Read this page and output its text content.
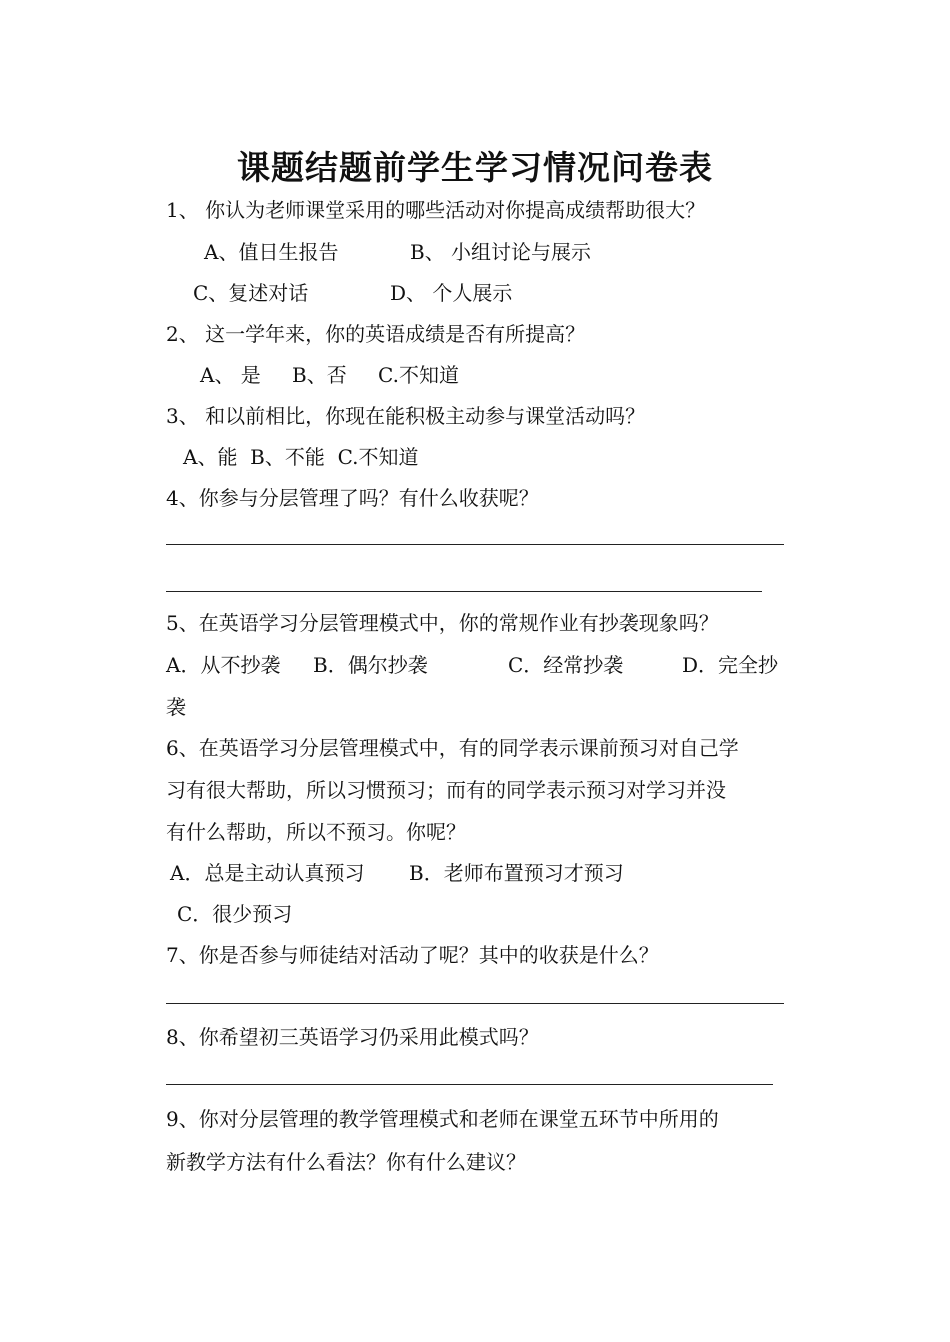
课题结题前学生学习情况问卷表
1、 你认为老师课堂采用的哪些活动对你提高成绩帮助很大？
A、值日生报告	B、 小组讨论与展示
C、复述对话	D、 个人展示
2、 这一学年来，你的英语成绩是否有所提高？
A、 是 B、否 C.不知道
3、 和以前相比，你现在能积极主动参与课堂活动吗？
A、能  B、不能  C.不知道
4、你参与分层管理了吗？有什么收获呢？
5、在英语学习分层管理模式中，你的常规作业有抄袭现象吗？
A．从不抄袭 B．偶尔抄袭	C．经常抄袭	D．完全抄
袭
6、在英语学习分层管理模式中，有的同学表示课前预习对自己学
习有很大帮助，所以习惯预习；而有的同学表示预习对学习并没
有什么帮助，所以不预习。你呢？
A．总是主动认真预习 B．老师布置预习才预习
C．很少预习
7、你是否参与师徒结对活动了呢？其中的收获是什么？
8、你希望初三英语学习仍采用此模式吗？
9、你对分层管理的教学管理模式和老师在课堂五环节中所用的
新教学方法有什么看法？你有什么建议？
